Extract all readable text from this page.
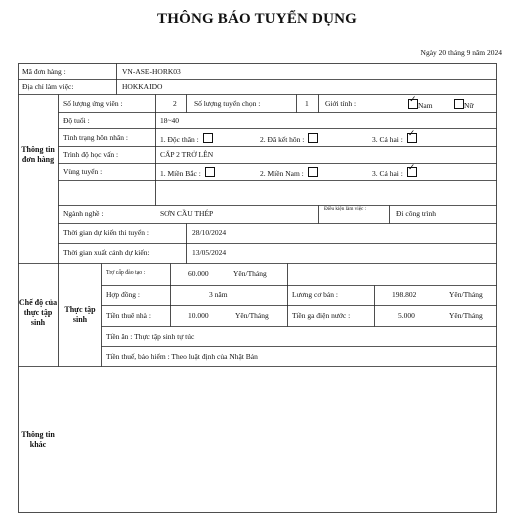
THÔNG BÁO TUYỂN DỤNG
Ngày 20 tháng 9 năm 2024
Mã đơn hàng :	VN-ASE-HORK03
Địa chỉ làm việc:	HOKKAIDO
Thông tin đơn hàng
Chế độ của thực tập sinh
Thực tập sinh
Thông tin khác
Số lượng ứng viên :	2 Số lượng tuyển chọn :	1 Giới tính :
✓	Nam	Nữ
Độ tuổi :	18~40
Tình trạng hôn nhân :	1. Độc thân :	2. Đã kết hôn :	3. Cả hai : ✓
Trình độ học vấn :	CẤP 2 TRỞ LÊN
Vùng tuyển :	1. Miền Bắc :	2. Miền Nam :	3. Cả hai : ✓
Ngành nghề :	SƠN CẦU THÉP	Điều kiện làm việc :	Đi công trình
Thời gian dự kiến thi tuyển :	28/10/2024
Thời gian xuất cảnh dự kiến:	13/05/2024
Trợ cấp đào tạo :	60.000	Yên/Tháng
Hợp đồng :	3 năm	Lương cơ bản :	198.802	Yên/Tháng
Tiền thuê nhà :	10.000	Yên/Tháng	Tiền ga điện nước :	5.000	Yên/Tháng
Tiền ăn : Thực tập sinh tự túc
Tiền thuế, bảo hiểm : Theo luật định của Nhật Bản
